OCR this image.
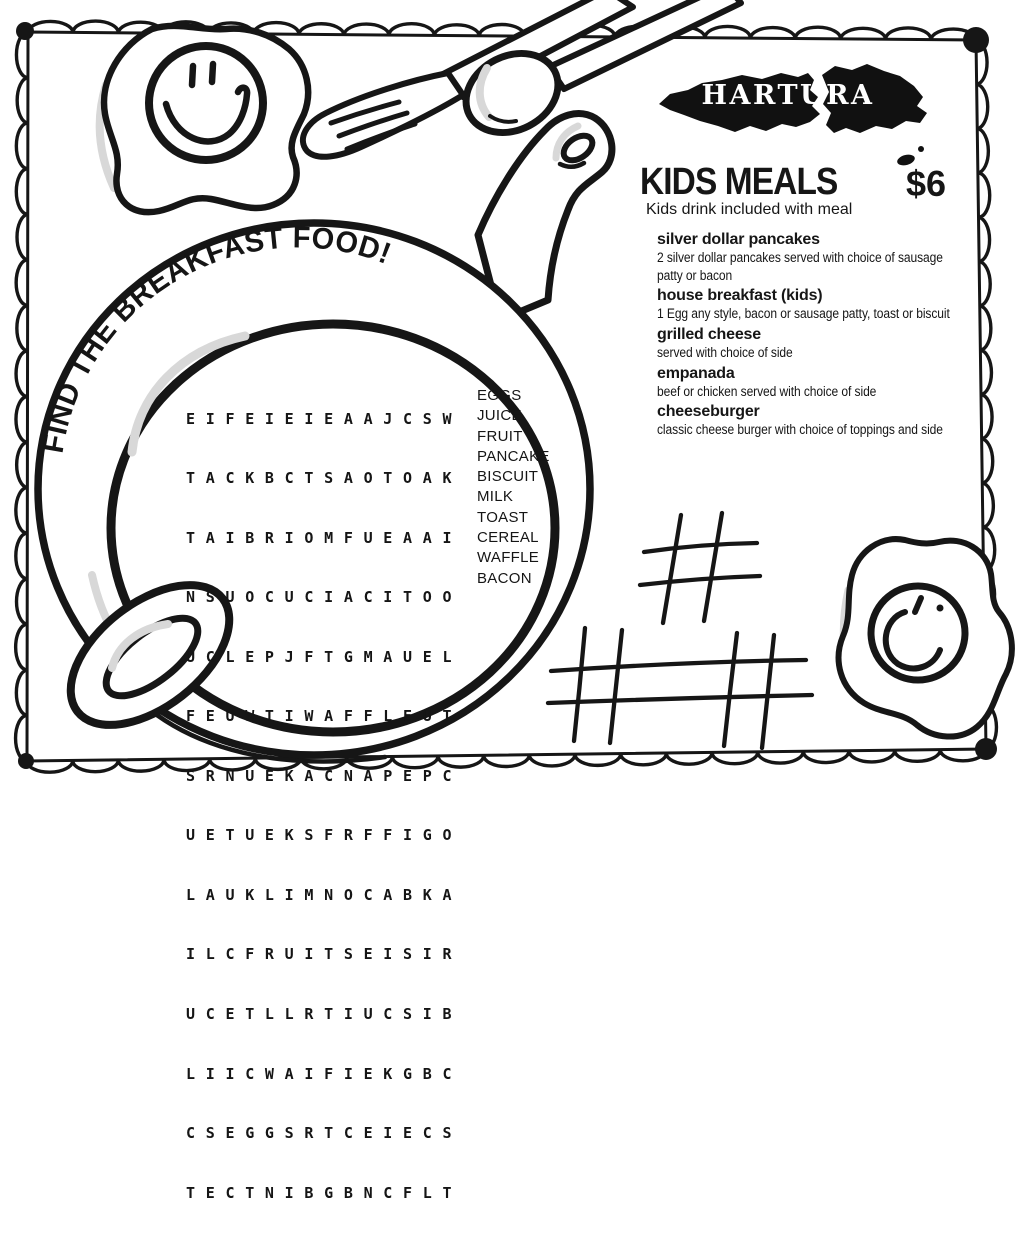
FIND THE BREAKFAST FOOD!
HARTURA

EIFEIEIEAAJCSW

TACKBCTSAOTOAK

TAIBRIOMFUEAAI

NSUOCUCIACITOO

UCLEPJFTGMAUEL

FEUWTIWAFFLEUT

SRNUEKACNAPEPC

UETUEKSFRFFIGO

LAUKLIMNOCABKA

ILCFRUITSEISIR

UCETLLRTIUCSIB

LIICWAIFIEKGBC

CSEGGSRTCEIECS

TECTNIBGBNCFLT

EGGS
JUICE
FRUIT
PANCAKE
BISCUIT
MILK
TOAST
CEREAL
WAFFLE
BACON
KIDS MEALS $6
Kids drink included with meal
silver dollar pancakes
2 silver dollar pancakes served with choice of sausage patty or bacon
house breakfast (kids)
1 Egg any style, bacon or sausage patty, toast or biscuit
grilled cheese
served with choice of side
empanada
beef or chicken served with choice of side
cheeseburger
classic cheese burger with choice of toppings and side
